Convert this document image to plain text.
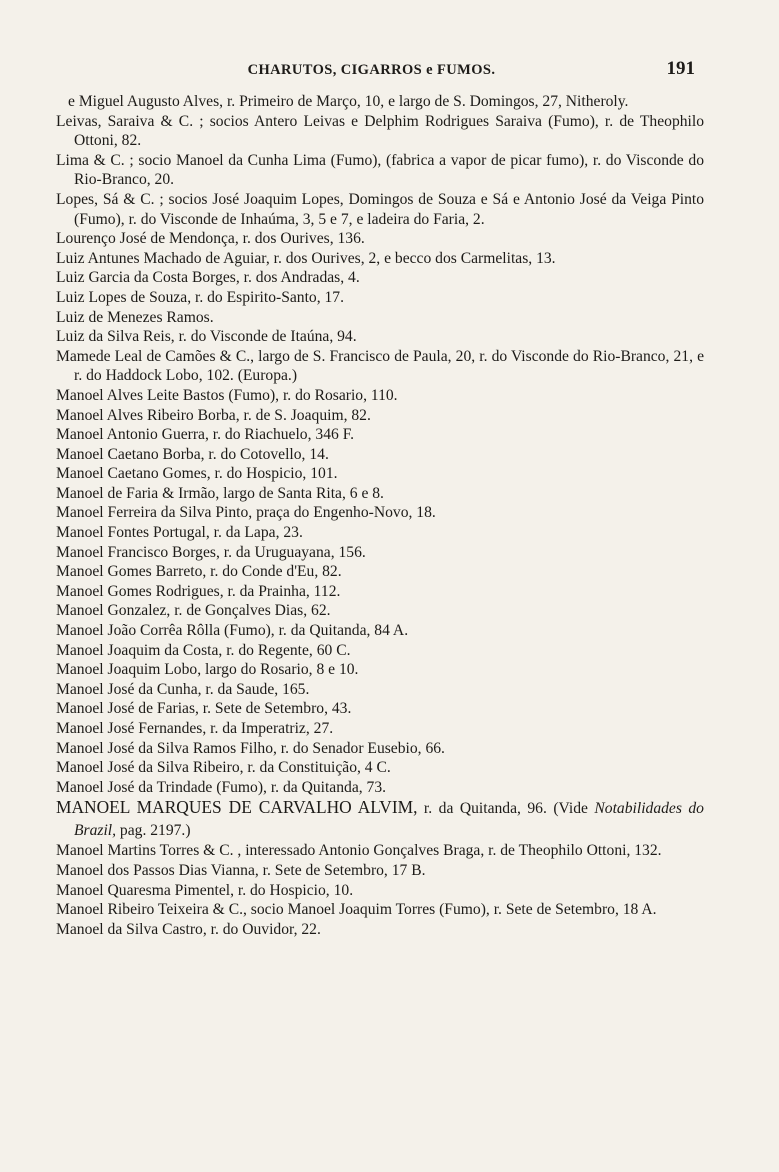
CHARUTOS, CIGARROS e FUMOS.	191

e Miguel Augusto Alves, r. Primeiro de Março, 10, e largo de S. Domingos, 27, Nitheroly.

Leivas, Saraiva & C. ; socios Antero Leivas e Delphim Rodrigues Saraiva (Fumo), r. de Theophilo Ottoni, 82.

Lima & C. ; socio Manoel da Cunha Lima (Fumo), (fabrica a vapor de picar fumo), r. do Visconde do Rio-Branco, 20.

Lopes, Sá & C. ; socios José Joaquim Lopes, Domingos de Souza e Sá e Antonio José da Veiga Pinto (Fumo), r. do Visconde de Inhaúma, 3, 5 e 7, e ladeira do Faria, 2.

Lourenço José de Mendonça, r. dos Ourives, 136.

Luiz Antunes Machado de Aguiar, r. dos Ourives, 2, e becco dos Carmelitas, 13.

Luiz Garcia da Costa Borges, r. dos Andradas, 4.

Luiz Lopes de Souza, r. do Espirito-Santo, 17.

Luiz de Menezes Ramos.

Luiz da Silva Reis, r. do Visconde de Itaúna, 94.

Mamede Leal de Camões & C., largo de S. Francisco de Paula, 20, r. do Visconde do Rio-Branco, 21, e r. do Haddock Lobo, 102. (Europa.)

Manoel Alves Leite Bastos (Fumo), r. do Rosario, 110.

Manoel Alves Ribeiro Borba, r. de S. Joaquim, 82.

Manoel Antonio Guerra, r. do Riachuelo, 346 F.

Manoel Caetano Borba, r. do Cotovello, 14.

Manoel Caetano Gomes, r. do Hospicio, 101.

Manoel de Faria & Irmão, largo de Santa Rita, 6 e 8.

Manoel Ferreira da Silva Pinto, praça do Engenho-Novo, 18.

Manoel Fontes Portugal, r. da Lapa, 23.

Manoel Francisco Borges, r. da Uruguayana, 156.

Manoel Gomes Barreto, r. do Conde d'Eu, 82.

Manoel Gomes Rodrigues, r. da Prainha, 112.

Manoel Gonzalez, r. de Gonçalves Dias, 62.

Manoel João Corrêa Rôlla (Fumo), r. da Quitanda, 84 A.

Manoel Joaquim da Costa, r. do Regente, 60 C.

Manoel Joaquim Lobo, largo do Rosario, 8 e 10.

Manoel José da Cunha, r. da Saude, 165.

Manoel José de Farias, r. Sete de Setembro, 43.

Manoel José Fernandes, r. da Imperatriz, 27.

Manoel José da Silva Ramos Filho, r. do Senador Eusebio, 66.

Manoel José da Silva Ribeiro, r. da Constituição, 4 C.

Manoel José da Trindade (Fumo), r. da Quitanda, 73.

MANOEL MARQUES DE CARVALHO ALVIM, r. da Quitanda, 96. (Vide Notabilidades do Brazil, pag. 2197.)

Manoel Martins Torres & C. , interessado Antonio Gonçalves Braga, r. de Theophilo Ottoni, 132.

Manoel dos Passos Dias Vianna, r. Sete de Setembro, 17 B.

Manoel Quaresma Pimentel, r. do Hospicio, 10.

Manoel Ribeiro Teixeira & C., socio Manoel Joaquim Torres (Fumo), r. Sete de Setembro, 18 A.

Manoel da Silva Castro, r. do Ouvidor, 22.
